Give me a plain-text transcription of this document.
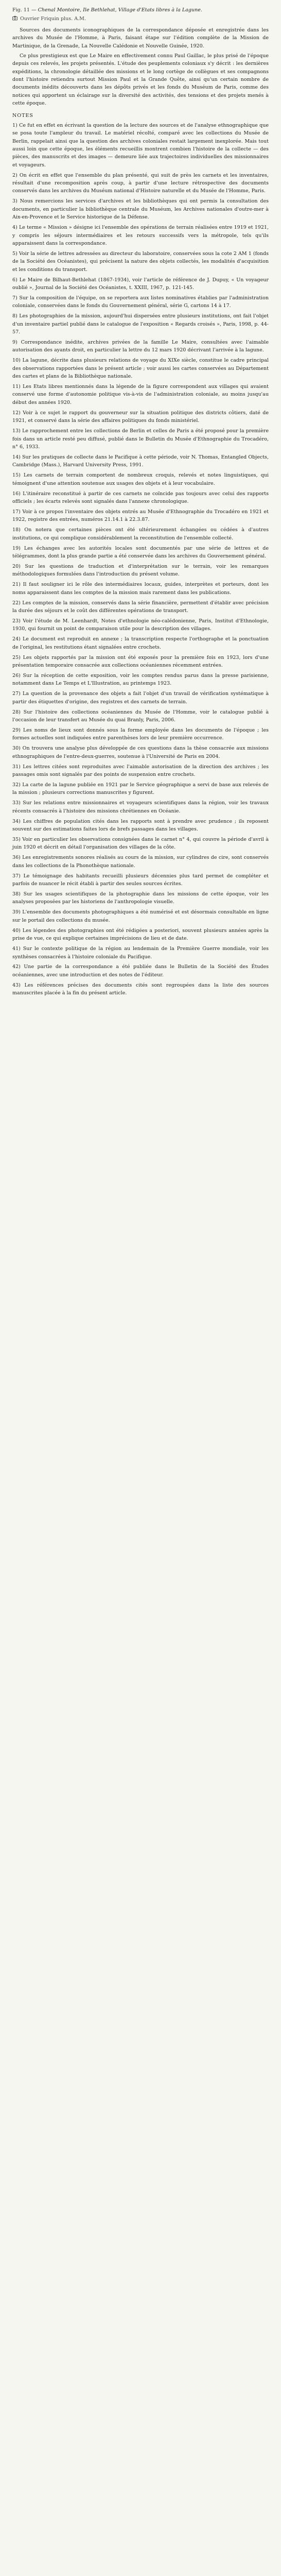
Fig. 11 — Chenal Montoire, Ile Bethlehat, Village d'Etats libres à la Lagune.

Ouvrier Friquin plus. A.M.

Sources des documents iconographiques de la correspondance déposée et enregistrée dans les archives du Musée de l'Homme, à Paris, faisant étape sur l'édition complète de la Mission de Martinique, de la Grenade, La Nouvelle Calédonie et Nouvelle Guinée, 1920.

Ce plus prestigieux est que Le Maire en effectivement connu Paul Gaillac, le plus prisé de l'époque depuis ces relevés, les projets présentés. L'étude des peuplements coloniaux s'y décrit : les dernières expéditions, la chronologie détaillée des missions et le long cortège de collègues et ses compagnons dont l'histoire retiendra surtout Mission Paul et la Grande Quête, ainsi qu'un certain nombre de documents inédits découverts dans les dépôts privés et les fonds du Muséum de Paris, comme des notices qui apportent un éclairage sur la diversité des activités, des tensions et des projets menés à cette époque.

NOTES

1) Ce fut en effet en écrivant la question de la lecture des sources et de l'analyse ethnographique que se posa toute l'ampleur du travail. Le matériel récolté, comparé avec les collections du Musée de Berlin, rappelait ainsi que la question des archives coloniales restait largement inexplorée. Mais tout aussi loin que cette époque, les éléments recueillis montrent combien l'histoire de la collecte — des pièces, des manuscrits et des images — demeure liée aux trajectoires individuelles des missionnaires et voyageurs.

2) On écrit en effet que l'ensemble du plan présenté, qui suit de près les carnets et les inventaires, résultait d'une recomposition après coup, à partir d'une lecture rétrospective des documents conservés dans les archives du Muséum national d'Histoire naturelle et du Musée de l'Homme, Paris.

3) Nous remercions les services d'archives et les bibliothèques qui ont permis la consultation des documents, en particulier la bibliothèque centrale du Muséum, les Archives nationales d'outre-mer à Aix-en-Provence et le Service historique de la Défense.

4) Le terme « Mission » désigne ici l'ensemble des opérations de terrain réalisées entre 1919 et 1921, y compris les séjours intermédiaires et les retours successifs vers la métropole, tels qu'ils apparaissent dans la correspondance.

5) Voir la série de lettres adressées au directeur du laboratoire, conservées sous la cote 2 AM 1 (fonds de la Société des Océanistes), qui précisent la nature des objets collectés, les modalités d'acquisition et les conditions du transport.

6) Le Maire de Bilhaut-Bethlehat (1867-1934), voir l'article de référence de J. Dupuy, « Un voyageur oublié », Journal de la Société des Océanistes, t. XXIII, 1967, p. 121-145.

7) Sur la composition de l'équipe, on se reportera aux listes nominatives établies par l'administration coloniale, conservées dans le fonds du Gouvernement général, série G, cartons 14 à 17.

8) Les photographies de la mission, aujourd'hui dispersées entre plusieurs institutions, ont fait l'objet d'un inventaire partiel publié dans le catalogue de l'exposition « Regards croisés », Paris, 1998, p. 44-57.

9) Correspondance inédite, archives privées de la famille Le Maire, consultées avec l'aimable autorisation des ayants droit, en particulier la lettre du 12 mars 1920 décrivant l'arrivée à la lagune.

10) La lagune, décrite dans plusieurs relations de voyage du XIXe siècle, constitue le cadre principal des observations rapportées dans le présent article ; voir aussi les cartes conservées au Département des cartes et plans de la Bibliothèque nationale.

11) Les Etats libres mentionnés dans la légende de la figure correspondent aux villages qui avaient conservé une forme d'autonomie politique vis-à-vis de l'administration coloniale, au moins jusqu'au début des années 1920.

12) Voir à ce sujet le rapport du gouverneur sur la situation politique des districts côtiers, daté de 1921, et conservé dans la série des affaires politiques du fonds ministériel.

13) Le rapprochement entre les collections de Berlin et celles de Paris a été proposé pour la première fois dans un article resté peu diffusé, publié dans le Bulletin du Musée d'Ethnographie du Trocadéro, n° 6, 1933.

14) Sur les pratiques de collecte dans le Pacifique à cette période, voir N. Thomas, Entangled Objects, Cambridge (Mass.), Harvard University Press, 1991.

15) Les carnets de terrain comportent de nombreux croquis, relevés et notes linguistiques, qui témoignent d'une attention soutenue aux usages des objets et à leur vocabulaire.

16) L'itinéraire reconstitué à partir de ces carnets ne coïncide pas toujours avec celui des rapports officiels ; les écarts relevés sont signalés dans l'annexe chronologique.

17) Voir à ce propos l'inventaire des objets entrés au Musée d'Ethnographie du Trocadéro en 1921 et 1922, registre des entrées, numéros 21.14.1 à 22.3.87.

18) On notera que certaines pièces ont été ultérieurement échangées ou cédées à d'autres institutions, ce qui complique considérablement la reconstitution de l'ensemble collecté.

19) Les échanges avec les autorités locales sont documentés par une série de lettres et de télégrammes, dont la plus grande partie a été conservée dans les archives du Gouvernement général.

20) Sur les questions de traduction et d'interprétation sur le terrain, voir les remarques méthodologiques formulées dans l'introduction du présent volume.

21) Il faut souligner ici le rôle des intermédiaires locaux, guides, interprètes et porteurs, dont les noms apparaissent dans les comptes de la mission mais rarement dans les publications.

22) Les comptes de la mission, conservés dans la série financière, permettent d'établir avec précision la durée des séjours et le coût des différentes opérations de transport.

23) Voir l'étude de M. Leenhardt, Notes d'ethnologie néo-calédonienne, Paris, Institut d'Ethnologie, 1930, qui fournit un point de comparaison utile pour la description des villages.

24) Le document est reproduit en annexe ; la transcription respecte l'orthographe et la ponctuation de l'original, les restitutions étant signalées entre crochets.

25) Les objets rapportés par la mission ont été exposés pour la première fois en 1923, lors d'une présentation temporaire consacrée aux collections océaniennes récemment entrées.

26) Sur la réception de cette exposition, voir les comptes rendus parus dans la presse parisienne, notamment dans Le Temps et L'Illustration, au printemps 1923.

27) La question de la provenance des objets a fait l'objet d'un travail de vérification systématique à partir des étiquettes d'origine, des registres et des carnets de terrain.

28) Sur l'histoire des collections océaniennes du Musée de l'Homme, voir le catalogue publié à l'occasion de leur transfert au Musée du quai Branly, Paris, 2006.

29) Les noms de lieux sont donnés sous la forme employée dans les documents de l'époque ; les formes actuelles sont indiquées entre parenthèses lors de leur première occurrence.

30) On trouvera une analyse plus développée de ces questions dans la thèse consacrée aux missions ethnographiques de l'entre-deux-guerres, soutenue à l'Université de Paris en 2004.

31) Les lettres citées sont reproduites avec l'aimable autorisation de la direction des archives ; les passages omis sont signalés par des points de suspension entre crochets.

32) La carte de la lagune publiée en 1921 par le Service géographique a servi de base aux relevés de la mission ; plusieurs corrections manuscrites y figurent.

33) Sur les relations entre missionnaires et voyageurs scientifiques dans la région, voir les travaux récents consacrés à l'histoire des missions chrétiennes en Océanie.

34) Les chiffres de population cités dans les rapports sont à prendre avec prudence ; ils reposent souvent sur des estimations faites lors de brefs passages dans les villages.

35) Voir en particulier les observations consignées dans le carnet n° 4, qui couvre la période d'avril à juin 1920 et décrit en détail l'organisation des villages de la côte.

36) Les enregistrements sonores réalisés au cours de la mission, sur cylindres de cire, sont conservés dans les collections de la Phonothèque nationale.

37) Le témoignage des habitants recueilli plusieurs décennies plus tard permet de compléter et parfois de nuancer le récit établi à partir des seules sources écrites.

38) Sur les usages scientifiques de la photographie dans les missions de cette époque, voir les analyses proposées par les historiens de l'anthropologie visuelle.

39) L'ensemble des documents photographiques a été numérisé et est désormais consultable en ligne sur le portail des collections du musée.

40) Les légendes des photographies ont été rédigées a posteriori, souvent plusieurs années après la prise de vue, ce qui explique certaines imprécisions de lieu et de date.

41) Sur le contexte politique de la région au lendemain de la Première Guerre mondiale, voir les synthèses consacrées à l'histoire coloniale du Pacifique.

42) Une partie de la correspondance a été publiée dans le Bulletin de la Société des Études océaniennes, avec une introduction et des notes de l'éditeur.

43) Les références précises des documents cités sont regroupées dans la liste des sources manuscrites placée à la fin du présent article.
